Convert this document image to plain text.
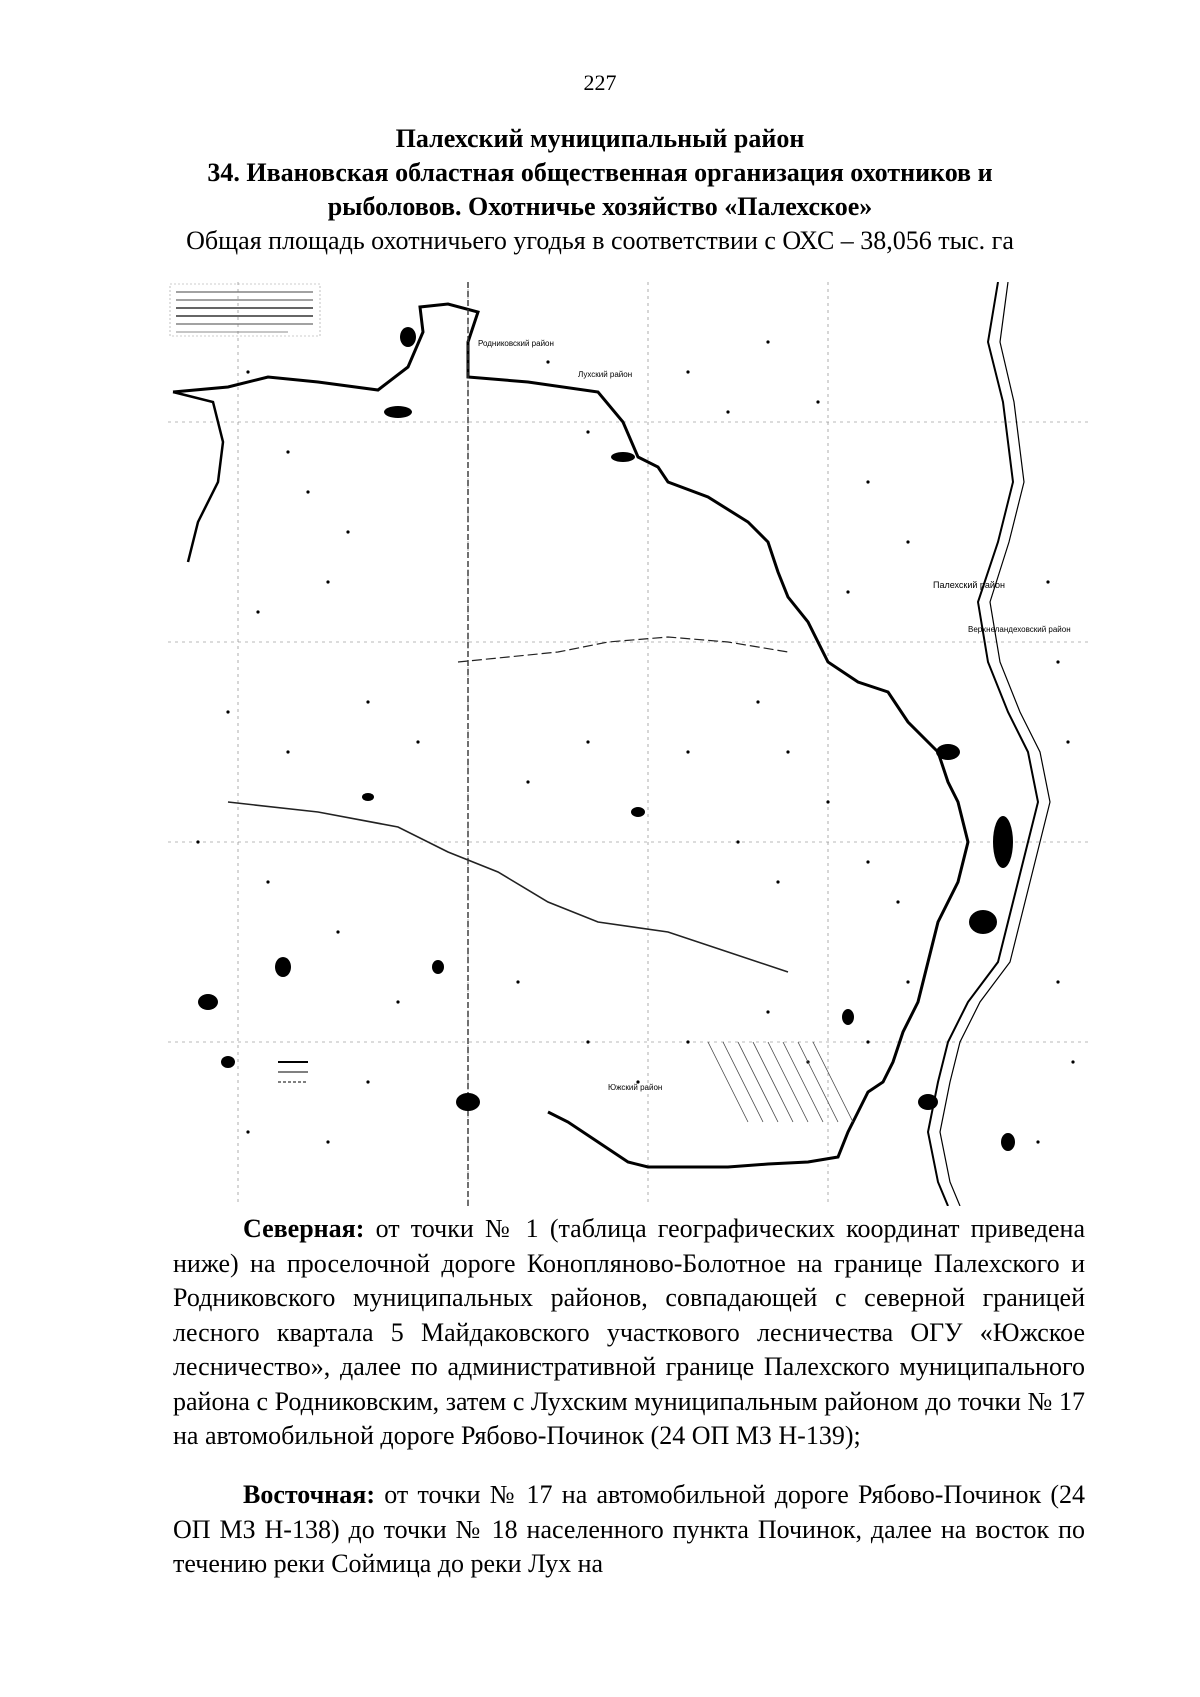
227
Палехский муниципальный район
34. Ивановская областная общественная организация охотников и рыболовов. Охотничье хозяйство «Палехское»
Общая площадь охотничьего угодья в соответствии с ОХС – 38,056 тыс. га
Палехский район
Верхнеландеховский район
Родниковский район
Лухский район
Южский район
Северная: от точки № 1 (таблица географических координат приведена ниже) на проселочной дороге Конопляново-Болотное на границе Палехского и Родниковского муниципальных районов, совпадающей с северной границей лесного квартала 5 Майдаковского участкового лесничества ОГУ «Южское лесничество», далее по административной границе Палехского муниципального района с Родниковским, затем с Лухским муниципальным районом до точки № 17 на автомобильной дороге Рябово-Починок (24 ОП МЗ Н-139);
Восточная: от точки № 17 на автомобильной дороге Рябово-Починок (24 ОП МЗ Н-138) до точки № 18 населенного пункта Починок, далее на восток по течению реки Соймица до реки Лух на
